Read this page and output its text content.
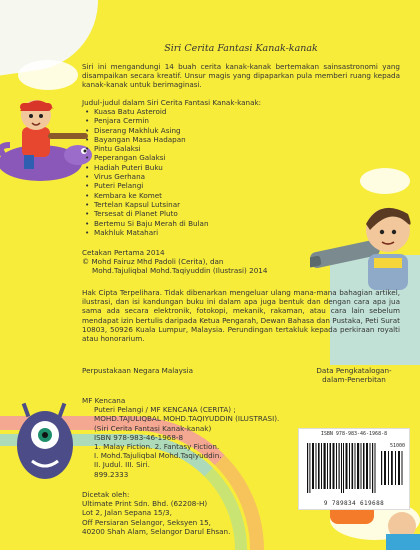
Siri Cerita Fantasi Kanak-kanak

Siri ini mengandungi 14 buah cerita kanak-kanak bertemakan sainsastronomi yang disampaikan secara kreatif. Unsur magis yang dipaparkan pula memberi ruang kepada kanak-kanak untuk berimaginasi.

Judul-judul dalam Siri Cerita Fantasi Kanak-kanak:

• Kuasa Batu Asteroid
• Penjara Cermin
• Diserang Makhluk Asing
• Bayangan Masa Hadapan
• Pintu Galaksi
• Peperangan Galaksi
• Hadiah Puteri Buku
• Virus Gerhana
• Puteri Pelangi
• Kembara ke Komet
• Tertelan Kapsul Lutsinar
• Tersesat di Planet Pluto
• Bertemu Si Baju Merah di Bulan
• Makhluk Matahari
Cetakan Pertama 2014
© Mohd Fairuz Mhd Padoli (Cerita), dan
Mohd.Tajuliqbal Mohd.Taqiyuddin (Ilustrasi) 2014

Hak Cipta Terpelihara. Tidak dibenarkan mengeluar ulang mana-mana bahagian artikel, ilustrasi, dan isi kandungan buku ini dalam apa juga bentuk dan dengan cara apa jua sama ada secara elektronik, fotokopi, mekanik, rakaman, atau cara lain sebelum mendapat izin bertulis daripada Ketua Pengarah, Dewan Bahasa dan Pustaka, Peti Surat 10803, 50926 Kuala Lumpur, Malaysia. Perundingan tertakluk kepada perkiraan royalti atau honorarium.

Perpustakaan Negara Malaysia	Data Pengkatalogan-
dalam-Penerbitan
MF Kencana
Puteri Pelangi / MF KENCANA (CERITA) ;
MOHD.TAJULIQBAL MOHD.TAQIYUDDIN (ILUSTRASI).
(Siri Cerita Fantasi Kanak-kanak)
ISBN 978-983-46-1968-8
1. Malay Fiction. 2. Fantasy Fiction.
I. Mohd.Tajuliqbal Mohd.Taqiyuddin.
II. Judul. III. Siri.
899.2333
Dicetak oleh:
Ultimate Print Sdn. Bhd. (62208-H)
Lot 2, Jalan Sepana 15/3,
Off Persiaran Selangor, Seksyen 15,
40200 Shah Alam, Selangor Darul Ehsan.
ISBN 978-983-46-1968-8
51000
9 789834 619688
